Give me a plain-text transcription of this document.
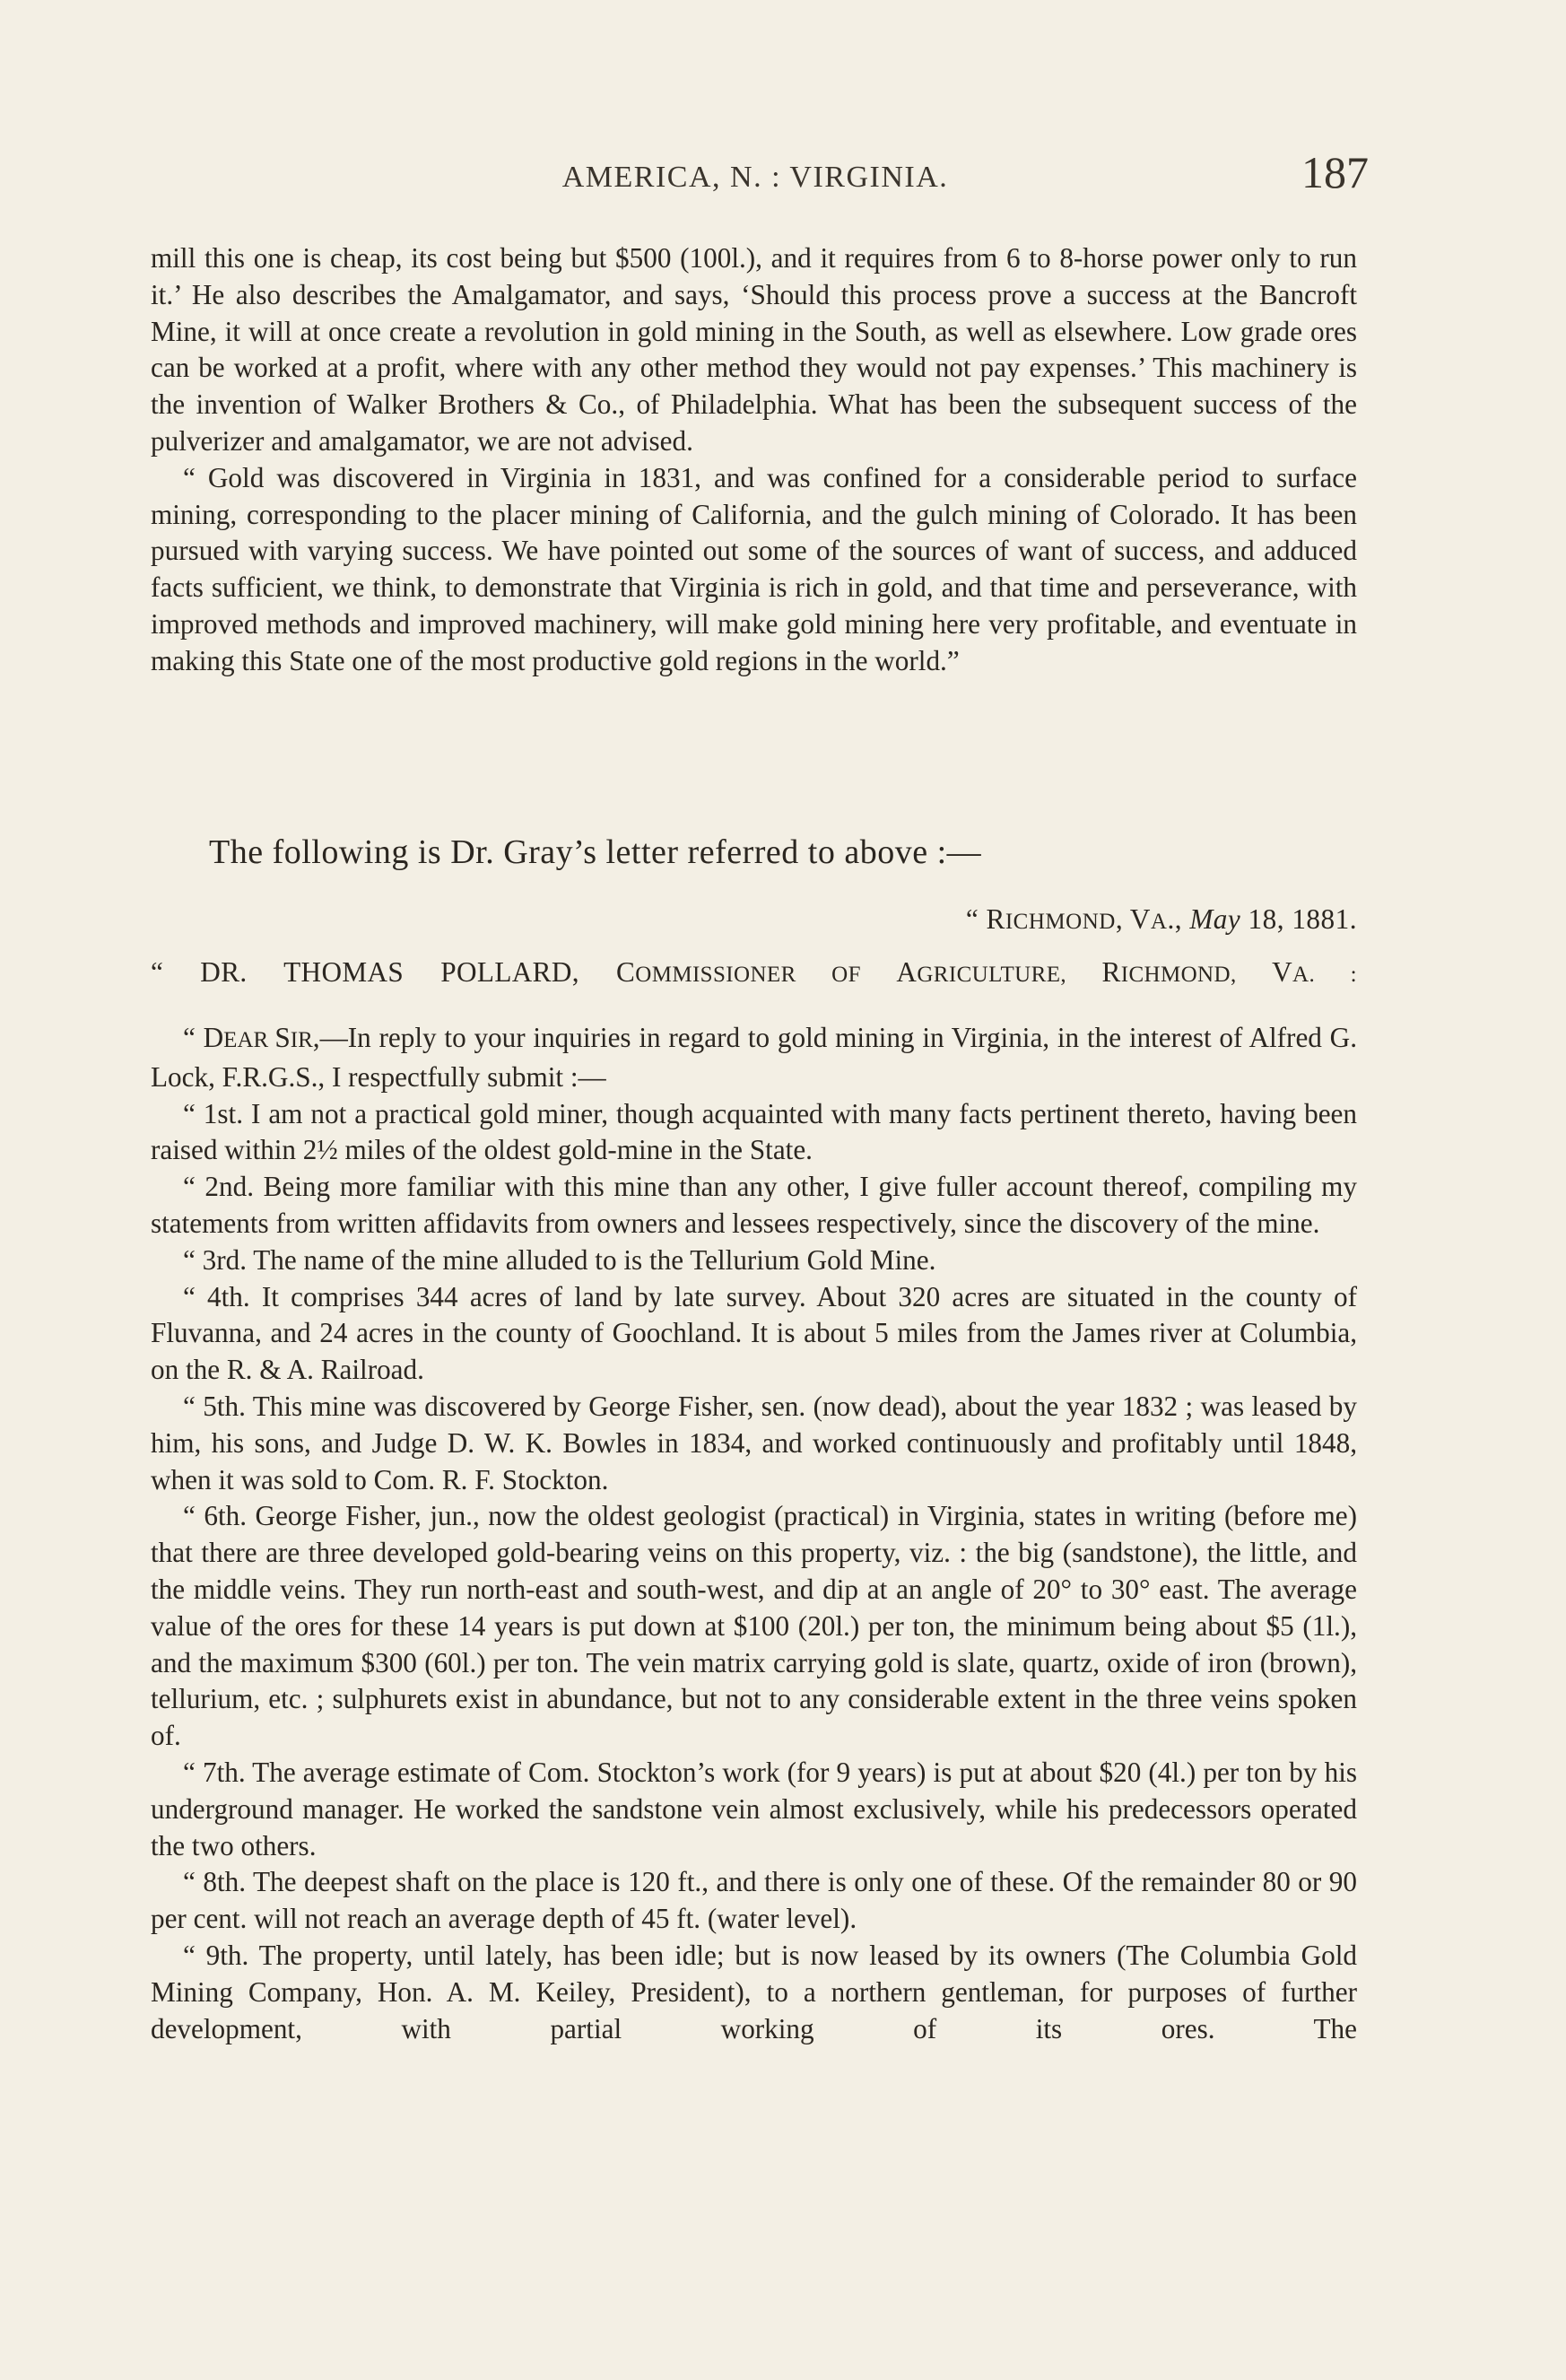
AMERICA, N. : VIRGINIA.	187

mill this one is cheap, its cost being but $500 (100l.), and it requires from 6 to 8-horse power only to run it.’ He also describes the Amalgamator, and says, ‘Should this process prove a success at the Bancroft Mine, it will at once create a revolution in gold mining in the South, as well as elsewhere. Low grade ores can be worked at a profit, where with any other method they would not pay expenses.’ This machinery is the invention of Walker Brothers & Co., of Philadelphia. What has been the subsequent success of the pulverizer and amalgamator, we are not advised.

“ Gold was discovered in Virginia in 1831, and was confined for a considerable period to surface mining, corresponding to the placer mining of California, and the gulch mining of Colorado. It has been pursued with varying success. We have pointed out some of the sources of want of success, and adduced facts sufficient, we think, to demonstrate that Virginia is rich in gold, and that time and perseverance, with improved methods and improved machinery, will make gold mining here very profitable, and eventuate in making this State one of the most productive gold regions in the world.”

The following is Dr. Gray’s letter referred to above :—
“ RICHMOND, VA., May 18, 1881.
“ DR. THOMAS POLLARD, COMMISSIONER OF AGRICULTURE, RICHMOND, VA. :

“ DEAR SIR,—In reply to your inquiries in regard to gold mining in Virginia, in the interest of Alfred G. Lock, F.R.G.S., I respectfully submit :—

“ 1st. I am not a practical gold miner, though acquainted with many facts pertinent thereto, having been raised within 2½ miles of the oldest gold-mine in the State.

“ 2nd. Being more familiar with this mine than any other, I give fuller account thereof, compiling my statements from written affidavits from owners and lessees respectively, since the discovery of the mine.

“ 3rd. The name of the mine alluded to is the Tellurium Gold Mine.

“ 4th. It comprises 344 acres of land by late survey. About 320 acres are situated in the county of Fluvanna, and 24 acres in the county of Goochland. It is about 5 miles from the James river at Columbia, on the R. & A. Railroad.

“ 5th. This mine was discovered by George Fisher, sen. (now dead), about the year 1832 ; was leased by him, his sons, and Judge D. W. K. Bowles in 1834, and worked continuously and profitably until 1848, when it was sold to Com. R. F. Stockton.

“ 6th. George Fisher, jun., now the oldest geologist (practical) in Virginia, states in writing (before me) that there are three developed gold-bearing veins on this property, viz. : the big (sandstone), the little, and the middle veins. They run north-east and south-west, and dip at an angle of 20° to 30° east. The average value of the ores for these 14 years is put down at $100 (20l.) per ton, the minimum being about $5 (1l.), and the maximum $300 (60l.) per ton. The vein matrix carrying gold is slate, quartz, oxide of iron (brown), tellurium, etc. ; sulphurets exist in abundance, but not to any considerable extent in the three veins spoken of.

“ 7th. The average estimate of Com. Stockton’s work (for 9 years) is put at about $20 (4l.) per ton by his underground manager. He worked the sandstone vein almost exclusively, while his predecessors operated the two others.

“ 8th. The deepest shaft on the place is 120 ft., and there is only one of these. Of the remainder 80 or 90 per cent. will not reach an average depth of 45 ft. (water level).

“ 9th. The property, until lately, has been idle; but is now leased by its owners (The Columbia Gold Mining Company, Hon. A. M. Keiley, President), to a northern gentleman, for purposes of further development, with partial working of its ores. The
